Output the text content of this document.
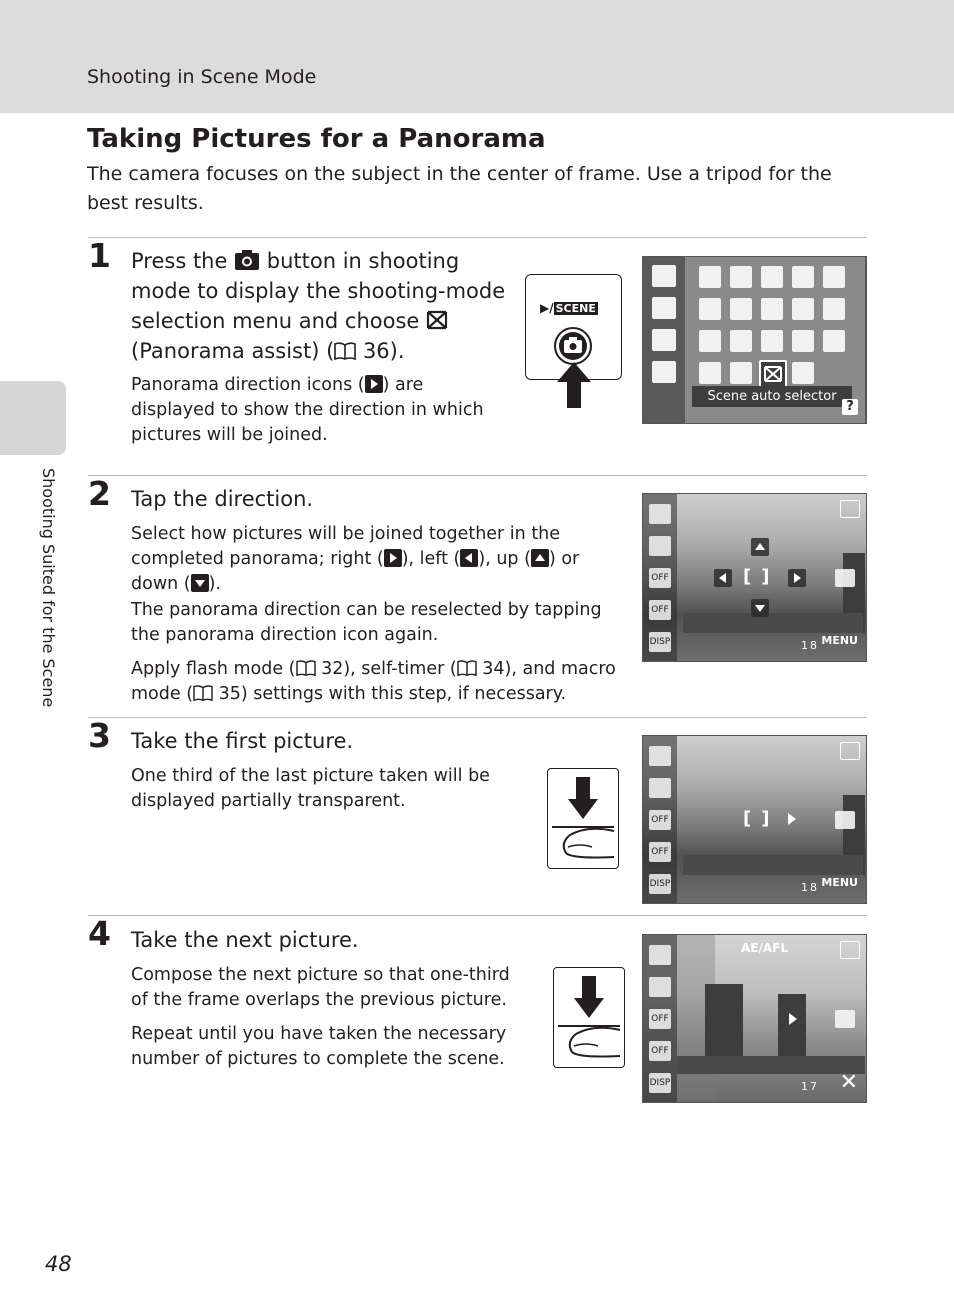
Shooting in Scene Mode
Shooting Suited for the Scene
Taking Pictures for a Panorama

The camera focuses on the subject in the center of frame. Use a tripod for the best results.

1 Press the  button in shooting mode to display the shooting-mode selection menu and choose  (Panorama assist) ( 36).

Panorama direction icons ( ) are displayed to show the direction in which pictures will be joined.

▶/ SCENE
Scene auto selector
?
2 Tap the direction.

Select how pictures will be joined together in the completed panorama; right ( ), left ( ), up ( ) or down ( ).

The panorama direction can be reselected by tapping the panorama direction icon again.

Apply flash mode ( 32), self-timer ( 34), and macro mode ( 35) settings with this step, if necessary.

OFF
OFF
DISP
[]
18 MENU
3 Take the first picture.

One third of the last picture taken will be displayed partially transparent.

OFF
OFF
DISP
[]
18 MENU
4 Take the next picture.

Compose the next picture so that one-third of the frame overlaps the previous picture.

Repeat until you have taken the necessary number of pictures to complete the scene.

OFF
OFF
DISP
AE/AFL
17 ✕
48
